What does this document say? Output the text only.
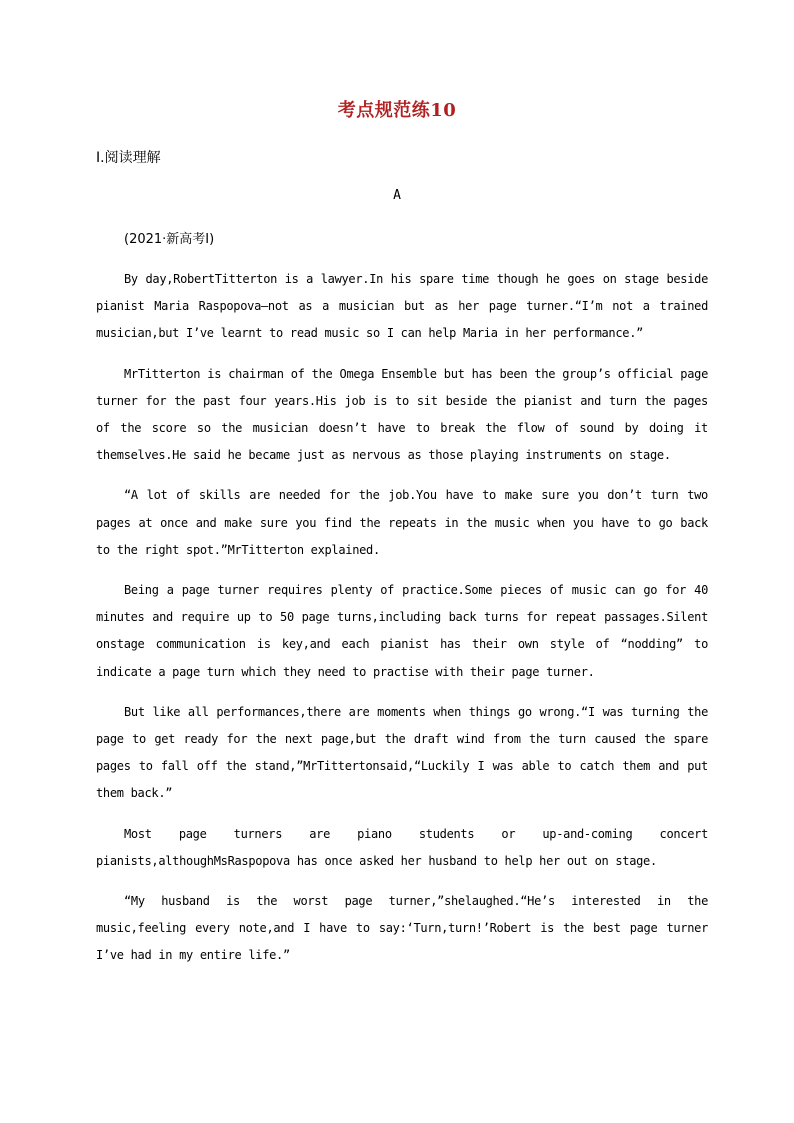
考点规范练10
Ⅰ.阅读理解
A
(2021·新高考Ⅰ)

By day,RobertTitterton is a lawyer.In his spare time though he goes on stage beside pianist Maria Raspopova—not as a musician but as her page turner.“I’m not a trained musician,but I’ve learnt to read music so I can help Maria in her performance.”

MrTitterton is chairman of the Omega Ensemble but has been the group’s official page turner for the past four years.His job is to sit beside the pianist and turn the pages of the score so the musician doesn’t have to break the flow of sound by doing it themselves.He said he became just as nervous as those playing instruments on stage.

“A lot of skills are needed for the job.You have to make sure you don’t turn two pages at once and make sure you find the repeats in the music when you have to go back to the right spot.”MrTitterton explained.

Being a page turner requires plenty of practice.Some pieces of music can go for 40 minutes and require up to 50 page turns,including back turns for repeat passages.Silent onstage communication is key,and each pianist has their own style of “nodding” to indicate a page turn which they need to practise with their page turner.

But like all performances,there are moments when things go wrong.“I was turning the page to get ready for the next page,but the draft wind from the turn caused the spare pages to fall off the stand,”MrTittertonsaid,“Luckily I was able to catch them and put them back.”

Most page turners are piano students or up-and-coming concert pianists,althoughMsRaspopova has once asked her husband to help her out on stage.

“My husband is the worst page turner,”shelaughed.“He’s interested in the music,feeling every note,and I have to say:‘Turn,turn!’Robert is the best page turner I’ve had in my entire life.”
